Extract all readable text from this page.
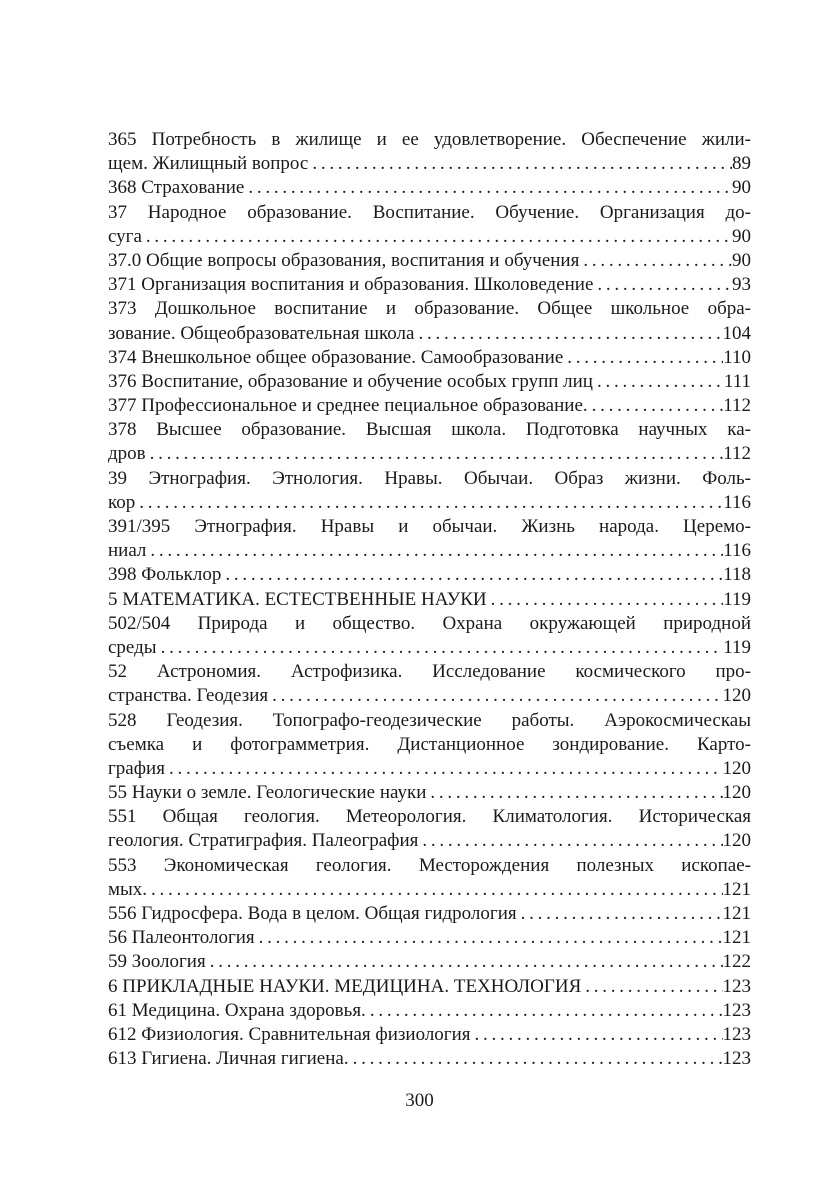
365 Потребность в жилище и ее удовлетворение. Обеспечение жили-
щем. Жилищный вопрос . . .	89
368 Страхование . . .	90
37 Народное образование. Воспитание. Обучение. Организация до-
суга . . .	90
37.0 Общие вопросы образования, воспитания и обучения . . .	90
371 Организация воспитания и образования. Школоведение . . .	93
373 Дошкольное воспитание и образование. Общее школьное обра-
зование. Общеобразовательная школа . . .	104
374 Внешкольное общее образование. Самообразование . . .	110
376 Воспитание, образование и обучение особых групп лиц . . .	111
377 Профессиональное и среднее пециальное образование. . . .	112
378 Высшее образование. Высшая школа. Подготовка научных ка-
дров . . .	112
39 Этнография. Этнология. Нравы. Обычаи. Образ жизни. Фоль-
кор . . .	116
391/395 Этнография. Нравы и обычаи. Жизнь народа. Церемо-
ниал . . .	116
398 Фольклор . . .	118
5 МАТЕМАТИКА. ЕСТЕСТВЕННЫЕ НАУКИ . . .	119
502/504 Природа и общество. Охрана окружающей природной
среды . . .	119
52 Астрономия. Астрофизика. Исследование космического про-
странства. Геодезия . . .	120
528 Геодезия. Топографо-геодезические работы. Аэрокосмическаы
съемка и фотограмметрия. Дистанционное зондирование. Карто-
графия . . .	120
55 Науки о земле. Геологические науки . . .	120
551 Общая геология. Метеорология. Климатология. Историческая
геология. Стратиграфия. Палеография . . .	120
553 Экономическая геология. Месторождения полезных ископае-
мых. . . .	121
556 Гидросфера. Вода в целом. Общая гидрология . . .	121
56 Палеонтология . . .	121
59 Зоология . . .	122
6 ПРИКЛАДНЫЕ НАУКИ. МЕДИЦИНА. ТЕХНОЛОГИЯ . . .	123
61 Медицина. Охрана здоровья. . . .	123
612 Физиология. Сравнительная физиология . . .	123
613 Гигиена. Личная гигиена. . . .	123
300
